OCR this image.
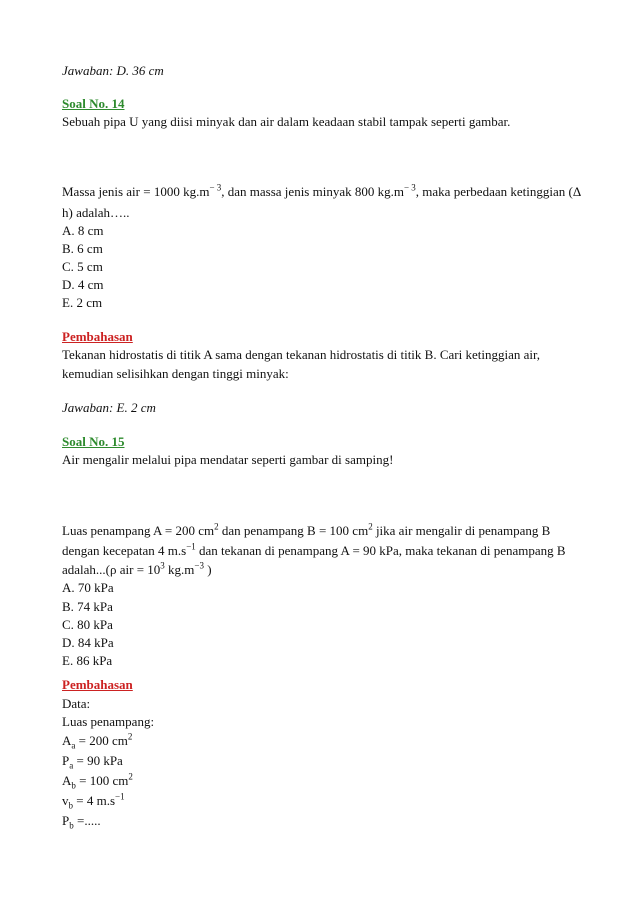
Jawaban: D. 36 cm
Soal No. 14
Sebuah pipa U yang diisi minyak dan air dalam keadaan stabil tampak seperti gambar.
Massa jenis air = 1000 $kg.m^{- 3}$, dan massa jenis minyak 800 $kg.m^{- 3}$, maka perbedaan ketinggian (Δ
h) adalah…..
A. 8 cm
B. 6 cm
C. 5 cm
D. 4 cm
E. 2 cm
Pembahasan
Tekanan hidrostatis di titik A sama dengan tekanan hidrostatis di titik B. Cari ketinggian air,
kemudian selisihkan dengan tinggi minyak:
Jawaban: E. 2 cm
Soal No. 15
Air mengalir melalui pipa mendatar seperti gambar di samping!
Luas penampang A = 200 $cm^2$ dan penampang B = 100 $cm^2$ jika air mengalir di penampang B
dengan kecepatan 4 $m.s^{-1}$ dan tekanan di penampang A = 90 kPa, maka tekanan di penampang B
adalah...(ρ air = $10^3$ $kg.m^{-3}$ )
A. 70 kPa
B. 74 kPa
C. 80 kPa
D. 84 kPa
E. 86 kPa
Pembahasan
Data:
Luas penampang:
$A_a = 200$ $cm^2$
$P_a = 90$ kPa
$A_b = 100$ $cm^2$
$v_b = 4$ $m.s^{-1}$
$P_b$ =.....
